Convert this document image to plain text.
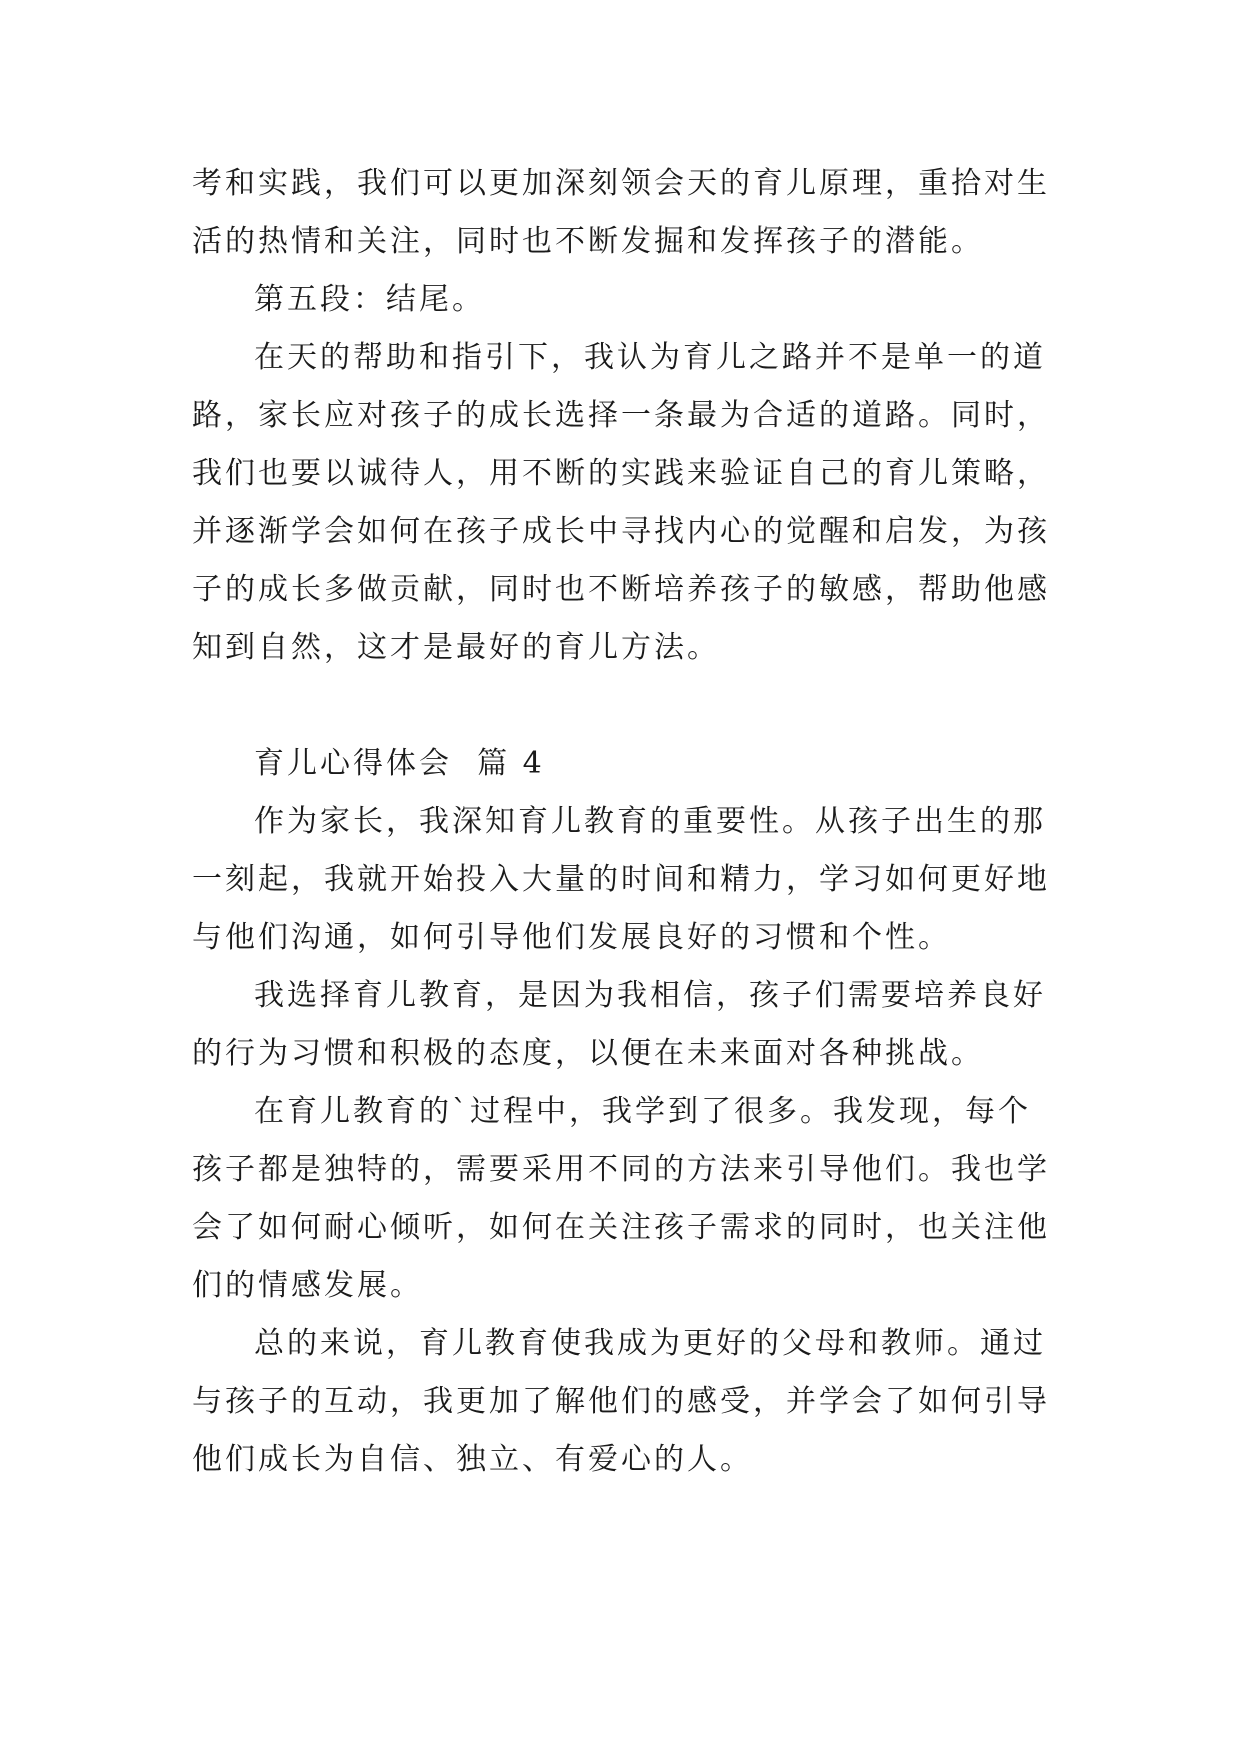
考和实践，我们可以更加深刻领会天的育儿原理，重拾对生活的热情和关注，同时也不断发掘和发挥孩子的潜能。

第五段：结尾。

在天的帮助和指引下，我认为育儿之路并不是单一的道路，家长应对孩子的成长选择一条最为合适的道路。同时，我们也要以诚待人，用不断的实践来验证自己的育儿策略，并逐渐学会如何在孩子成长中寻找内心的觉醒和启发，为孩子的成长多做贡献，同时也不断培养孩子的敏感，帮助他感知到自然，这才是最好的育儿方法。

育儿心得体会  篇 4

作为家长，我深知育儿教育的重要性。从孩子出生的那一刻起，我就开始投入大量的时间和精力，学习如何更好地与他们沟通，如何引导他们发展良好的习惯和个性。

我选择育儿教育，是因为我相信，孩子们需要培养良好的行为习惯和积极的态度，以便在未来面对各种挑战。

在育儿教育的`过程中，我学到了很多。我发现，每个孩子都是独特的，需要采用不同的方法来引导他们。我也学会了如何耐心倾听，如何在关注孩子需求的同时，也关注他们的情感发展。

总的来说，育儿教育使我成为更好的父母和教师。通过与孩子的互动，我更加了解他们的感受，并学会了如何引导他们成长为自信、独立、有爱心的人。
